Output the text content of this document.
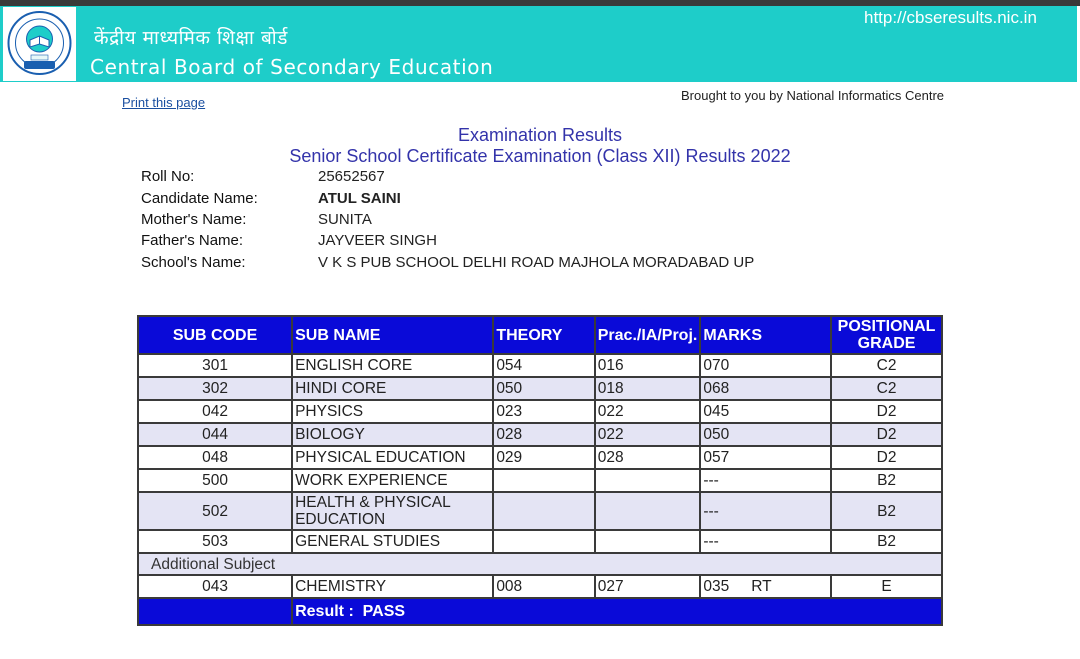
केंद्रीय माध्यमिक शिक्षा बोर्ड
Central Board of Secondary Education
http://cbseresults.nic.in
Print this page	Brought to you by National Informatics Centre
Examination Results
Senior School Certificate Examination (Class XII) Results 2022
Roll No:	25652567
Candidate Name:	ATUL SAINI
Mother's Name:	SUNITA
Father's Name:	JAYVEER SINGH
School's Name:	V K S PUB SCHOOL DELHI ROAD MAJHOLA MORADABAD UP
SUB CODE	SUB NAME	THEORY	Prac./IA/Proj.	MARKS	POSITIONAL GRADE
301	ENGLISH CORE	054	016	070	C2
302	HINDI CORE	050	018	068	C2
042	PHYSICS	023	022	045	D2
044	BIOLOGY	028	022	050	D2
048	PHYSICAL EDUCATION	029	028	057	D2
500	WORK EXPERIENCE			---	B2
502	HEALTH & PHYSICAL EDUCATION			---	B2
503	GENERAL STUDIES			---	B2
Additional Subject					
043	CHEMISTRY	008	027	035 RT	E
	Result : PASS				
